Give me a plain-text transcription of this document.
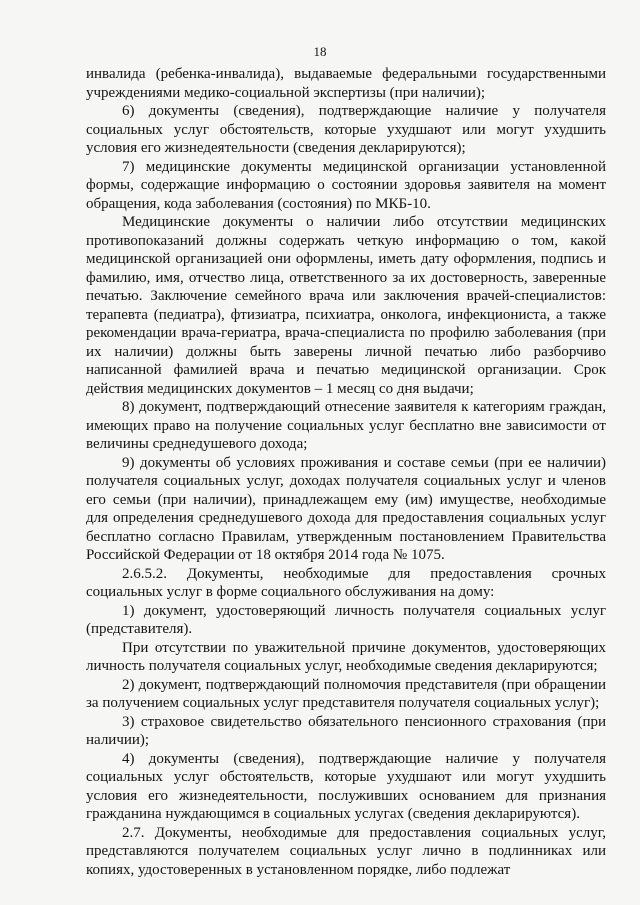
18

инвалида (ребенка-инвалида), выдаваемые федеральными государственными учреждениями медико-социальной экспертизы (при наличии);

6) документы (сведения), подтверждающие наличие у получателя социальных услуг обстоятельств, которые ухудшают или могут ухудшить условия его жизнедеятельности (сведения декларируются);

7) медицинские документы медицинской организации установленной формы, содержащие информацию о состоянии здоровья заявителя на момент обращения, кода заболевания (состояния) по МКБ-10.

Медицинские документы о наличии либо отсутствии медицинских противопоказаний должны содержать четкую информацию о том, какой медицинской организацией они оформлены, иметь дату оформления, подпись и фамилию, имя, отчество лица, ответственного за их достоверность, заверенные печатью. Заключение семейного врача или заключения врачей-специалистов: терапевта (педиатра), фтизиатра, психиатра, онколога, инфекциониста, а также рекомендации врача-гериатра, врача-специалиста по профилю заболевания (при их наличии) должны быть заверены личной печатью либо разборчиво написанной фамилией врача и печатью медицинской организации. Срок действия медицинских документов – 1 месяц со дня выдачи;

8) документ, подтверждающий отнесение заявителя к категориям граждан, имеющих право на получение социальных услуг бесплатно вне зависимости от величины среднедушевого дохода;

9) документы об условиях проживания и составе семьи (при ее наличии) получателя социальных услуг, доходах получателя социальных услуг и членов его семьи (при наличии), принадлежащем ему (им) имуществе, необходимые для определения среднедушевого дохода для предоставления социальных услуг бесплатно согласно Правилам, утвержденным постановлением Правительства Российской Федерации от 18 октября 2014 года № 1075.

2.6.5.2. Документы, необходимые для предоставления срочных социальных услуг в форме социального обслуживания на дому:

1) документ, удостоверяющий личность получателя социальных услуг (представителя).

При отсутствии по уважительной причине документов, удостоверяющих личность получателя социальных услуг, необходимые сведения декларируются;

2) документ, подтверждающий полномочия представителя (при обращении за получением социальных услуг представителя получателя социальных услуг);

3) страховое свидетельство обязательного пенсионного страхования (при наличии);

4) документы (сведения), подтверждающие наличие у получателя социальных услуг обстоятельств, которые ухудшают или могут ухудшить условия его жизнедеятельности, послуживших основанием для признания гражданина нуждающимся в социальных услугах (сведения декларируются).

2.7. Документы, необходимые для предоставления социальных услуг, представляются получателем социальных услуг лично в подлинниках или копиях, удостоверенных в установленном порядке, либо подлежат
